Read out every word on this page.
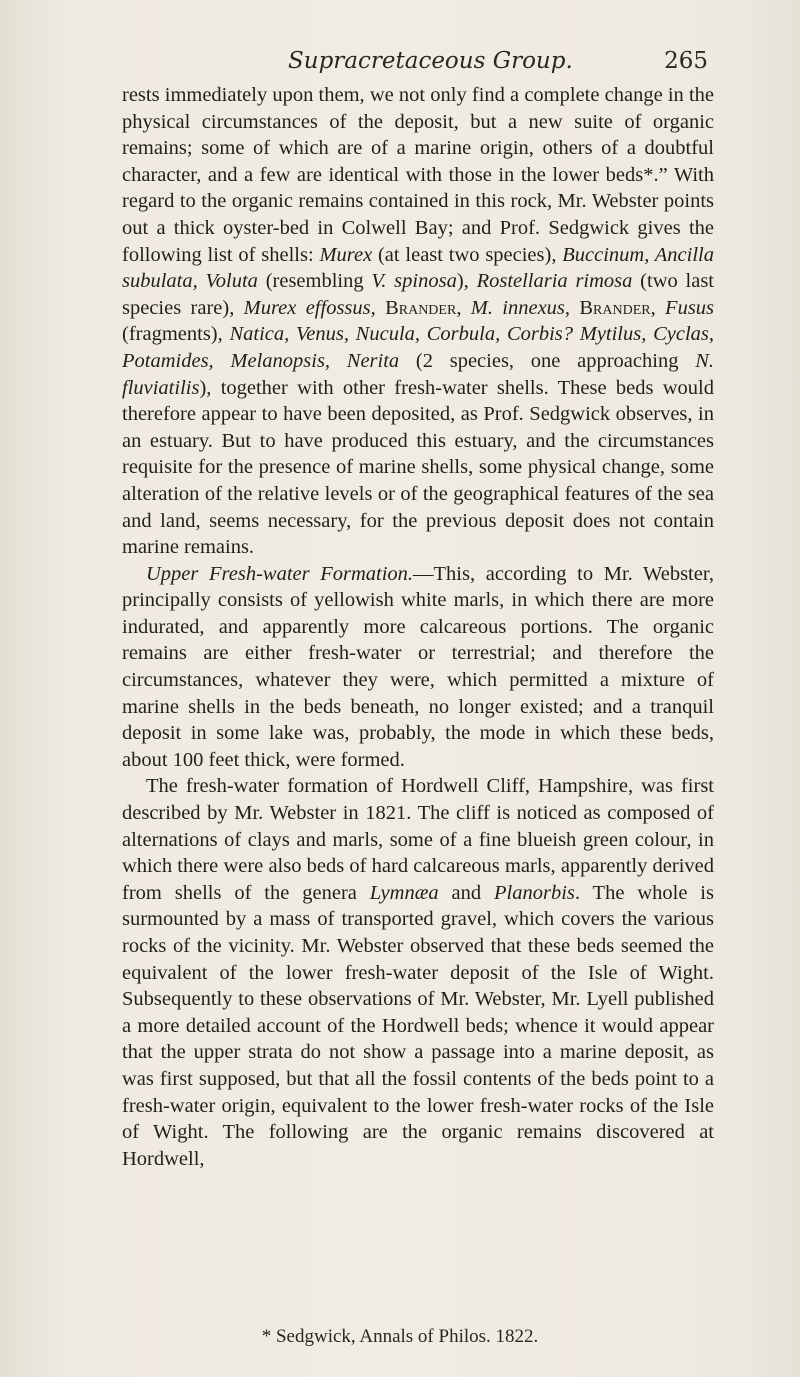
Supracretaceous Group.	265

rests immediately upon them, we not only find a complete change in the physical circumstances of the deposit, but a new suite of organic remains; some of which are of a marine origin, others of a doubtful character, and a few are identical with those in the lower beds*.” With regard to the organic remains contained in this rock, Mr. Webster points out a thick oyster-bed in Colwell Bay; and Prof. Sedgwick gives the following list of shells: Murex (at least two species), Buccinum, Ancilla subulata, Voluta (resembling V. spinosa), Rostellaria rimosa (two last species rare), Murex effossus, Brander, M. innexus, Brander, Fusus (fragments), Natica, Venus, Nucula, Corbula, Corbis? Mytilus, Cyclas, Potamides, Melanopsis, Nerita (2 species, one approaching N. fluviatilis), together with other fresh-water shells. These beds would therefore appear to have been deposited, as Prof. Sedgwick observes, in an estuary. But to have produced this estuary, and the circumstances requisite for the presence of marine shells, some physical change, some alteration of the relative levels or of the geographical features of the sea and land, seems necessary, for the previous deposit does not contain marine remains.

Upper Fresh-water Formation.—This, according to Mr. Webster, principally consists of yellowish white marls, in which there are more indurated, and apparently more calcareous portions. The organic remains are either fresh-water or terrestrial; and therefore the circumstances, whatever they were, which permitted a mixture of marine shells in the beds beneath, no longer existed; and a tranquil deposit in some lake was, probably, the mode in which these beds, about 100 feet thick, were formed.

The fresh-water formation of Hordwell Cliff, Hampshire, was first described by Mr. Webster in 1821. The cliff is noticed as composed of alternations of clays and marls, some of a fine blueish green colour, in which there were also beds of hard calcareous marls, apparently derived from shells of the genera Lymnæa and Planorbis. The whole is surmounted by a mass of transported gravel, which covers the various rocks of the vicinity. Mr. Webster observed that these beds seemed the equivalent of the lower fresh-water deposit of the Isle of Wight. Subsequently to these observations of Mr. Webster, Mr. Lyell published a more detailed account of the Hordwell beds; whence it would appear that the upper strata do not show a passage into a marine deposit, as was first supposed, but that all the fossil contents of the beds point to a fresh-water origin, equivalent to the lower fresh-water rocks of the Isle of Wight. The following are the organic remains discovered at Hordwell,

* Sedgwick, Annals of Philos. 1822.
